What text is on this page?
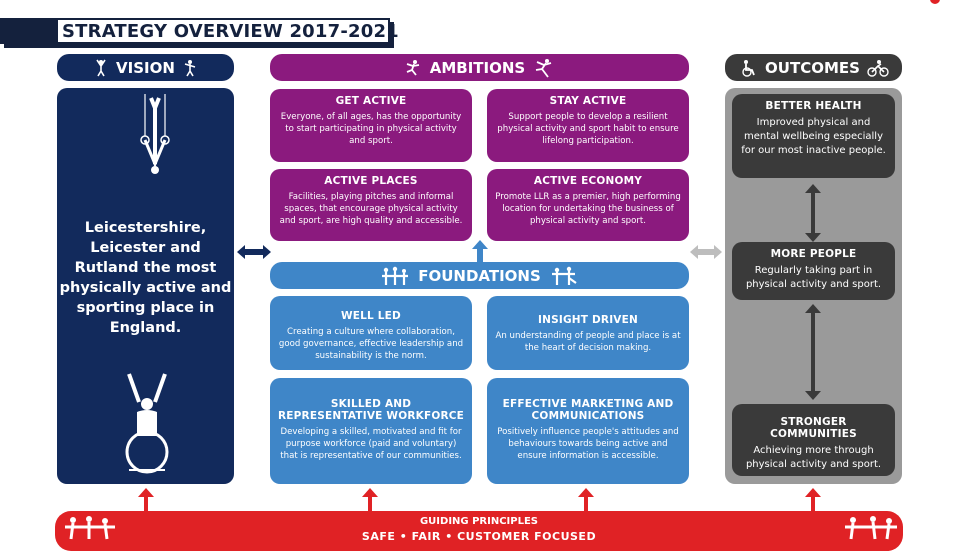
STRATEGY OVERVIEW 2017-2021
VISION
Leicestershire,
Leicester and
Rutland the most
physically active and
sporting place in
England.
AMBITIONS
GET ACTIVE
Everyone, of all ages, has the opportunity to start participating in physical activity and sport.
STAY ACTIVE
Support people to develop a resilient physical activity and sport habit to ensure lifelong participation.
ACTIVE PLACES
Facilities, playing pitches and informal spaces, that encourage physical activity and sport, are high quality and accessible.
ACTIVE ECONOMY
Promote LLR as a premier, high performing location for undertaking the business of physical activity and sport.
FOUNDATIONS
WELL LED
Creating a culture where collaboration, good governance, effective leadership and sustainability is the norm.
INSIGHT DRIVEN
An understanding of people and place is at the heart of decision making.
SKILLED AND REPRESENTATIVE WORKFORCE
Developing a skilled, motivated and fit for purpose workforce (paid and voluntary) that is representative of our communities.
EFFECTIVE MARKETING AND COMMUNICATIONS
Positively influence people's attitudes and behaviours towards being active and ensure information is accessible.
OUTCOMES
BETTER HEALTH
Improved physical and mental wellbeing especially for our most inactive people.
MORE PEOPLE
Regularly taking part in physical activity and sport.
STRONGER COMMUNITIES
Achieving more through physical activity and sport.
GUIDING PRINCIPLES
SAFE • FAIR • CUSTOMER FOCUSED
